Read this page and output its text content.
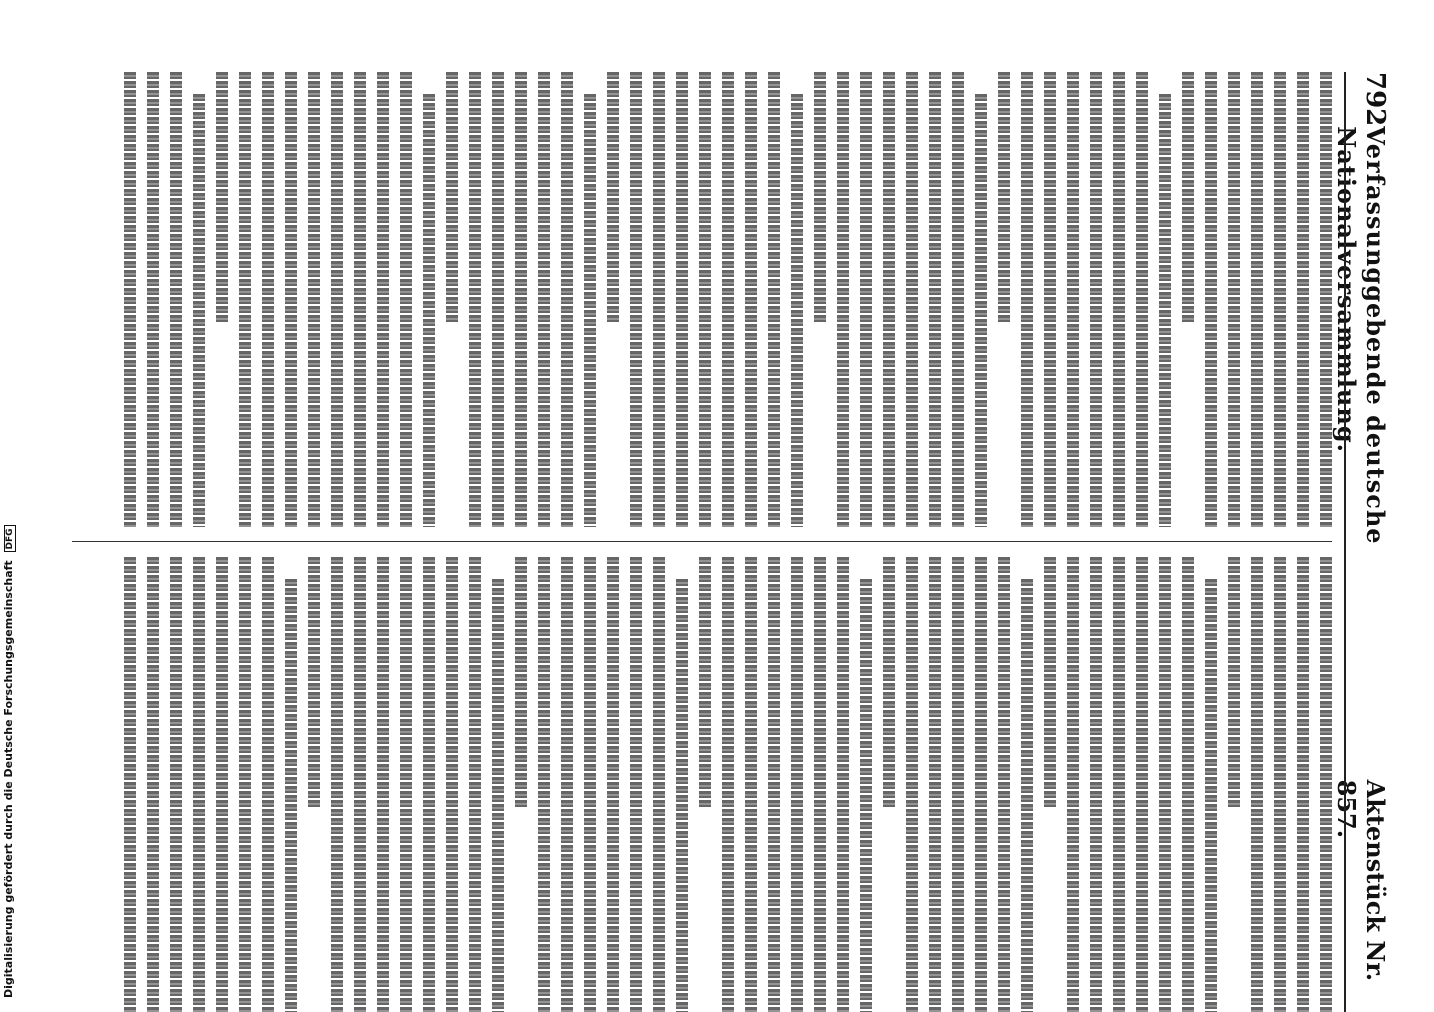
792
Verfassunggebende deutsche Nationalversammlung.
Aktenstück Nr. 857.
Digitalisierung gefördert durch die Deutsche Forschungsgemeinschaft DFG
